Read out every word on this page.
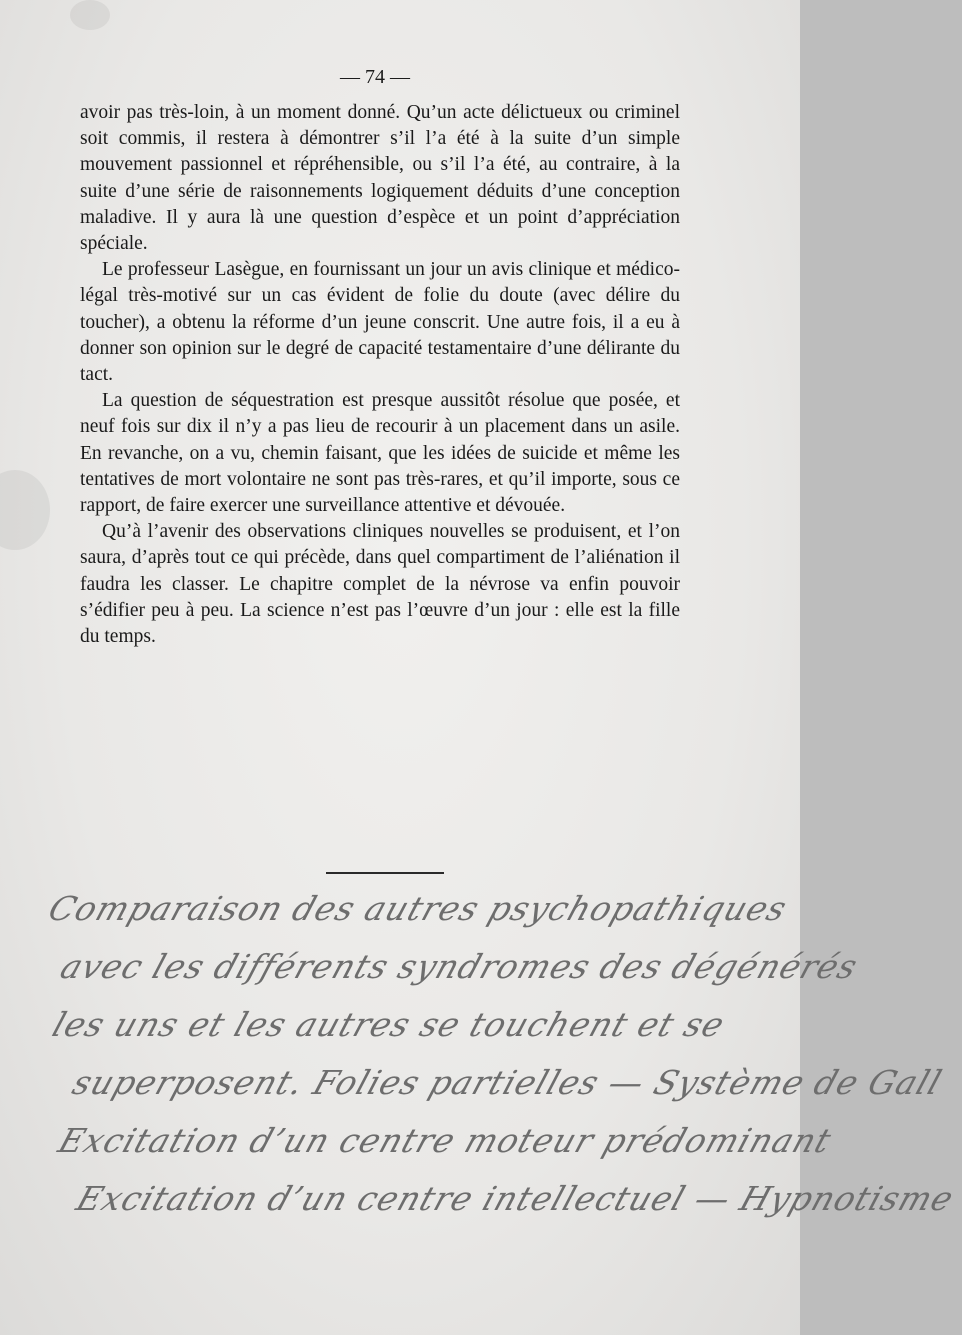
— 74 —

avoir pas très-loin, à un moment donné. Qu’un acte délictueux ou criminel soit commis, il restera à démontrer s’il l’a été à la suite d’un simple mouvement passionnel et répréhensible, ou s’il l’a été, au contraire, à la suite d’une série de raisonnements logiquement déduits d’une conception maladive. Il y aura là une question d’espèce et un point d’appréciation spéciale.

Le professeur Lasègue, en fournissant un jour un avis clinique et médico-légal très-motivé sur un cas évident de folie du doute (avec délire du toucher), a obtenu la réforme d’un jeune conscrit. Une autre fois, il a eu à donner son opinion sur le degré de capacité testamentaire d’une délirante du tact.

La question de séquestration est presque aussitôt résolue que posée, et neuf fois sur dix il n’y a pas lieu de recourir à un placement dans un asile. En revanche, on a vu, chemin faisant, que les idées de suicide et même les tentatives de mort volontaire ne sont pas très-rares, et qu’il importe, sous ce rapport, de faire exercer une surveillance attentive et dévouée.

Qu’à l’avenir des observations cliniques nouvelles se produisent, et l’on saura, d’après tout ce qui précède, dans quel compartiment de l’aliénation il faudra les classer. Le chapitre complet de la névrose va enfin pouvoir s’édifier peu à peu. La science n’est pas l’œuvre d’un jour : elle est la fille du temps.

Comparaison des autres psychopathiques
avec les différents syndromes des dégénérés
les uns et les autres se touchent et se
superposent. Folies partielles — Système de Gall
Excitation d’un centre moteur prédominant
Excitation d’un centre intellectuel — Hypnotisme
